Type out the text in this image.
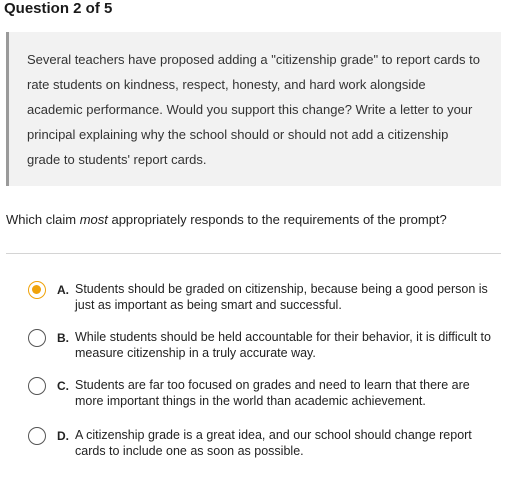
Question 2 of 5
Several teachers have proposed adding a "citizenship grade" to report cards to rate students on kindness, respect, honesty, and hard work alongside academic performance. Would you support this change? Write a letter to your principal explaining why the school should or should not add a citizenship grade to students' report cards.
Which claim most appropriately responds to the requirements of the prompt?
A. Students should be graded on citizenship, because being a good person is just as important as being smart and successful.
B. While students should be held accountable for their behavior, it is difficult to measure citizenship in a truly accurate way.
C. Students are far too focused on grades and need to learn that there are more important things in the world than academic achievement.
D. A citizenship grade is a great idea, and our school should change report cards to include one as soon as possible.
